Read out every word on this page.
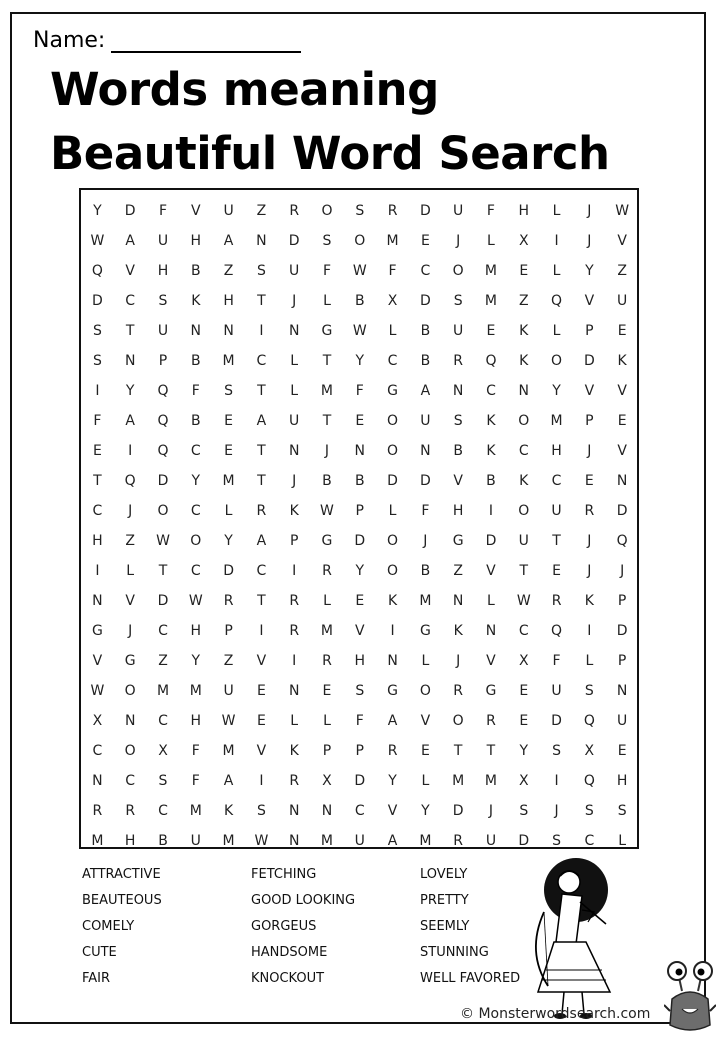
Name:
Words meaning
Beautiful Word Search
Y	D	F	V	U	Z	R	O	S	R	D	U	F	H	L	J	W
W	A	U	H	A	N	D	S	O	M	E	J	L	X	I	J	V
Q	V	H	B	Z	S	U	F	W	F	C	O	M	E	L	Y	Z
D	C	S	K	H	T	J	L	B	X	D	S	M	Z	Q	V	U
S	T	U	N	N	I	N	G	W	L	B	U	E	K	L	P	E
S	N	P	B	M	C	L	T	Y	C	B	R	Q	K	O	D	K
I	Y	Q	F	S	T	L	M	F	G	A	N	C	N	Y	V	V
F	A	Q	B	E	A	U	T	E	O	U	S	K	O	M	P	E
E	I	Q	C	E	T	N	J	N	O	N	B	K	C	H	J	V
T	Q	D	Y	M	T	J	B	B	D	D	V	B	K	C	E	N
C	J	O	C	L	R	K	W	P	L	F	H	I	O	U	R	D
H	Z	W	O	Y	A	P	G	D	O	J	G	D	U	T	J	Q
I	L	T	C	D	C	I	R	Y	O	B	Z	V	T	E	J	J
N	V	D	W	R	T	R	L	E	K	M	N	L	W	R	K	P
G	J	C	H	P	I	R	M	V	I	G	K	N	C	Q	I	D
V	G	Z	Y	Z	V	I	R	H	N	L	J	V	X	F	L	P
W	O	M	M	U	E	N	E	S	G	O	R	G	E	U	S	N
X	N	C	H	W	E	L	L	F	A	V	O	R	E	D	Q	U
C	O	X	F	M	V	K	P	P	R	E	T	T	Y	S	X	E
N	C	S	F	A	I	R	X	D	Y	L	M	M	X	I	Q	H
R	R	C	M	K	S	N	N	C	V	Y	D	J	S	J	S	S
M	H	B	U	M	W	N	M	U	A	M	R	U	D	S	C	L
ATTRACTIVE
BEAUTEOUS
COMELY
CUTE
FAIR
FETCHING
GOOD LOOKING
GORGEUS
HANDSOME
KNOCKOUT
LOVELY
PRETTY
SEEMLY
STUNNING
WELL FAVORED
© Monsterwordsearch.com
